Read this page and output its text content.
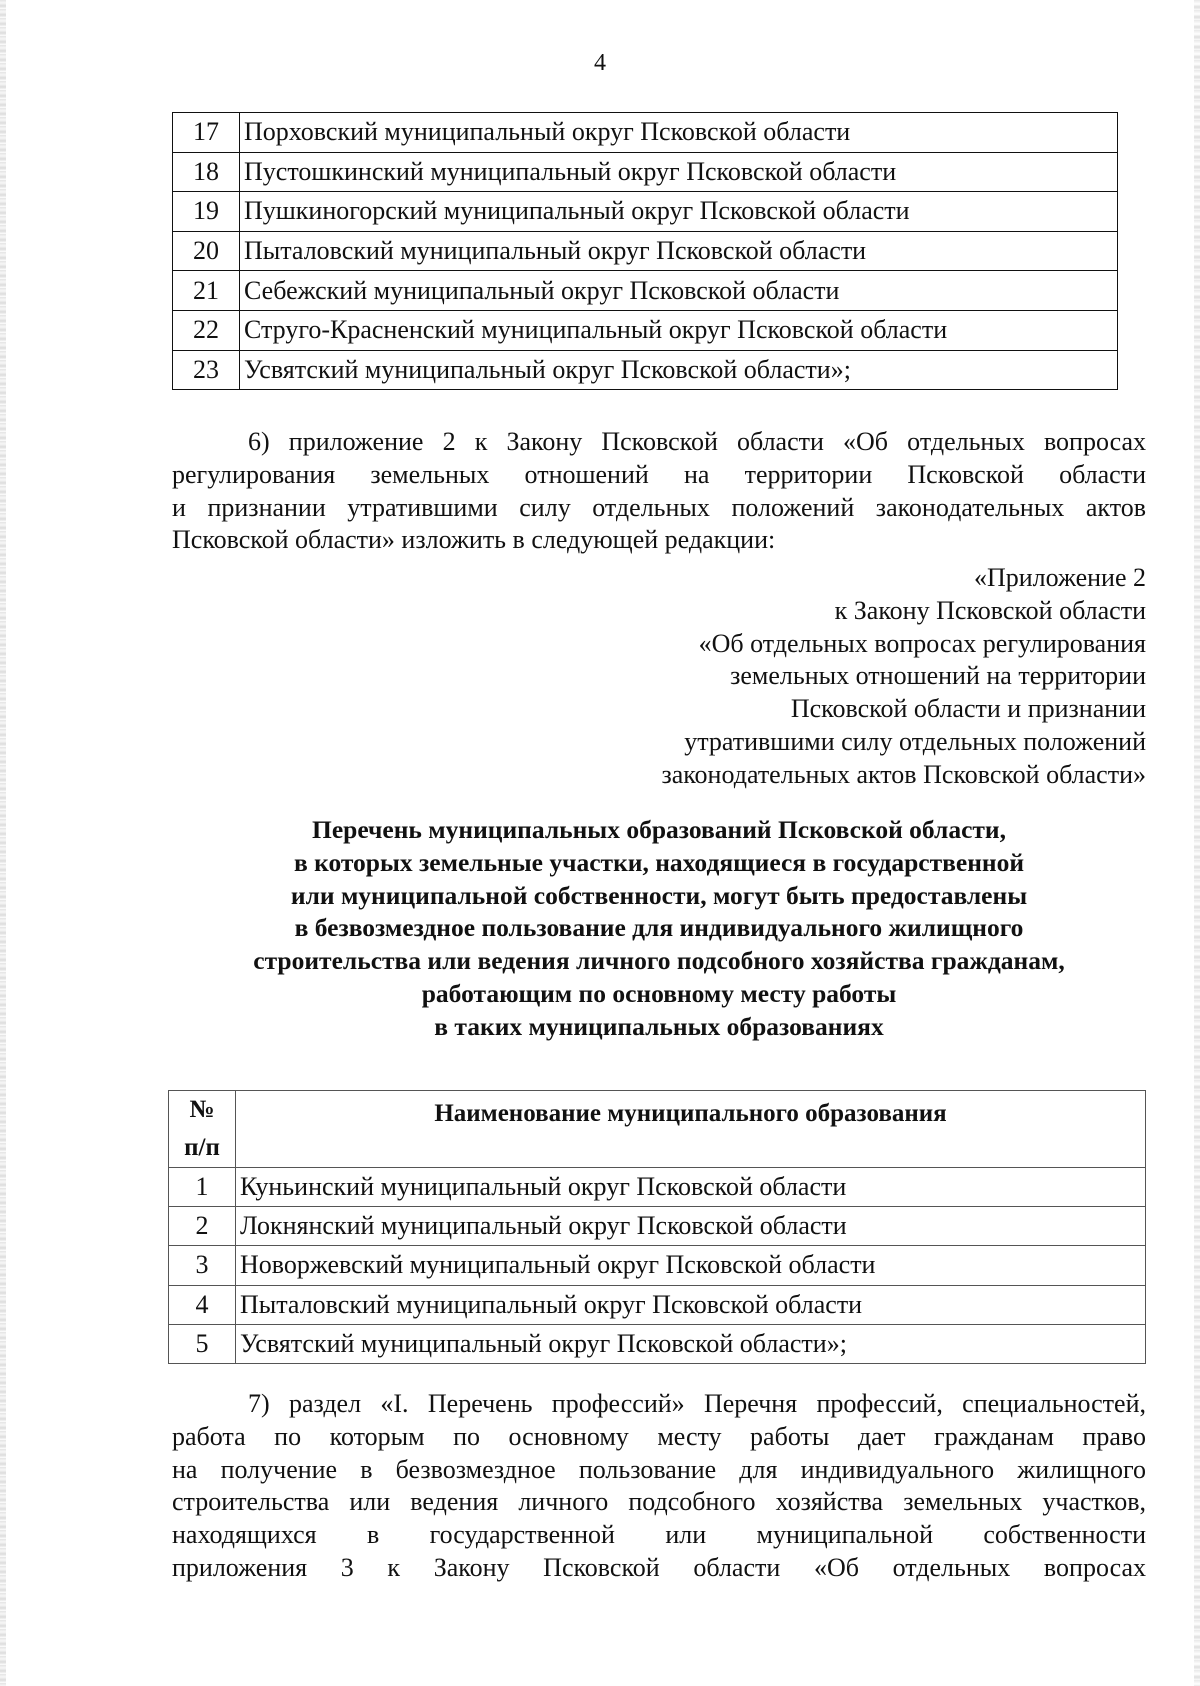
4
17	Порховский муниципальный округ Псковской области
18	Пустошкинский муниципальный округ Псковской области
19	Пушкиногорский муниципальный округ Псковской области
20	Пыталовский муниципальный округ Псковской области
21	Себежский муниципальный округ Псковской области
22	Струго-Красненский муниципальный округ Псковской области
23	Усвятский муниципальный округ Псковской области»;
6) приложение 2 к Закону Псковской области «Об отдельных вопросах
регулирования земельных отношений на территории Псковской области
и признании утратившими силу отдельных положений законодательных актов
Псковской области» изложить в следующей редакции:
«Приложение 2
к Закону Псковской области
«Об отдельных вопросах регулирования
земельных отношений на территории
Псковской области и признании
утратившими силу отдельных положений
законодательных актов Псковской области»
Перечень муниципальных образований Псковской области,
в которых земельные участки, находящиеся в государственной
или муниципальной собственности, могут быть предоставлены
в безвозмездное пользование для индивидуального жилищного
строительства или ведения личного подсобного хозяйства гражданам,
работающим по основному месту работы
в таких муниципальных образованиях
№
п/п	Наименование муниципального образования
1	Куньинский муниципальный округ Псковской области
2	Локнянский муниципальный округ Псковской области
3	Новоржевский муниципальный округ Псковской области
4	Пыталовский муниципальный округ Псковской области
5	Усвятский муниципальный округ Псковской области»;
7) раздел «I. Перечень профессий» Перечня профессий, специальностей,
работа по которым по основному месту работы дает гражданам право
на получение в безвозмездное пользование для индивидуального жилищного
строительства или ведения личного подсобного хозяйства земельных участков,
находящихся в государственной или муниципальной собственности
приложения 3 к Закону Псковской области «Об отдельных вопросах
